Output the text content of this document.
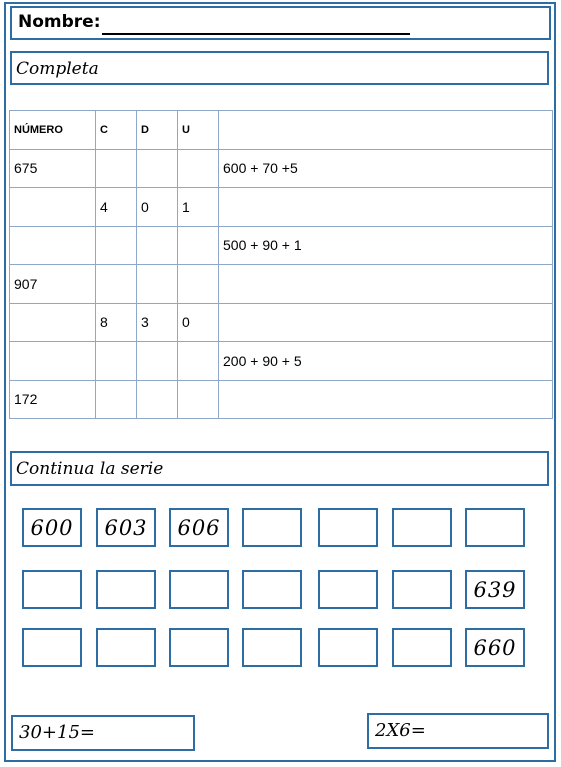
Nombre:
Completa
NÚMERO	C	D	U	
675				600 + 70 +5
	4	0	1	
				500 + 90 + 1
907				
	8	3	0	
				200 + 90 + 5
172				
Continua la serie
600	603	606
639
660
30+15=	2X6=
